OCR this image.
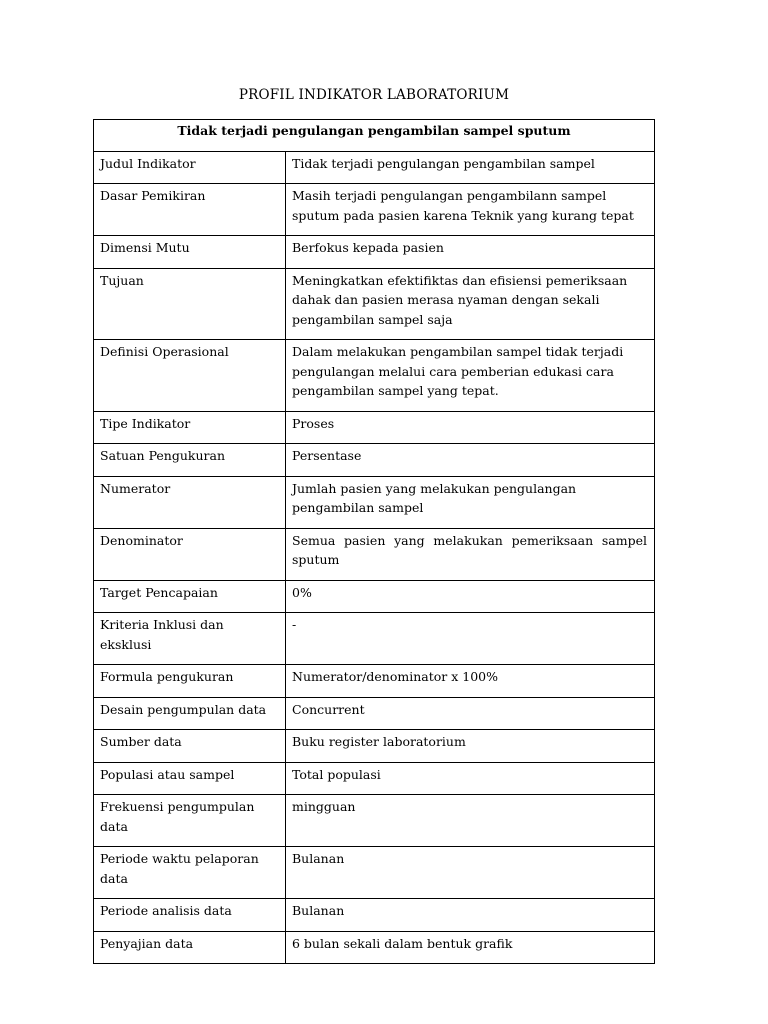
PROFIL INDIKATOR LABORATORIUM
Tidak terjadi pengulangan pengambilan sampel sputum	
Judul Indikator	Tidak terjadi pengulangan pengambilan sampel
Dasar Pemikiran	Masih terjadi pengulangan pengambilann sampel sputum pada pasien karena Teknik yang kurang tepat
Dimensi Mutu	Berfokus kepada pasien
Tujuan	Meningkatkan efektifiktas dan efisiensi pemeriksaan dahak dan pasien merasa nyaman dengan sekali pengambilan sampel saja
Definisi Operasional	Dalam melakukan pengambilan sampel tidak terjadi pengulangan melalui cara pemberian edukasi cara pengambilan sampel yang tepat.
Tipe Indikator	Proses
Satuan Pengukuran	Persentase
Numerator	Jumlah pasien yang melakukan pengulangan pengambilan sampel
Denominator	Semua pasien yang melakukan pemeriksaan sampel sputum
Target Pencapaian	0%
Kriteria Inklusi dan eksklusi	-
Formula pengukuran	Numerator/denominator x 100%
Desain pengumpulan data	Concurrent
Sumber data	Buku register laboratorium
Populasi atau sampel	Total populasi
Frekuensi pengumpulan data	mingguan
Periode waktu pelaporan data	Bulanan
Periode analisis data	Bulanan
Penyajian data	6 bulan sekali dalam bentuk grafik
